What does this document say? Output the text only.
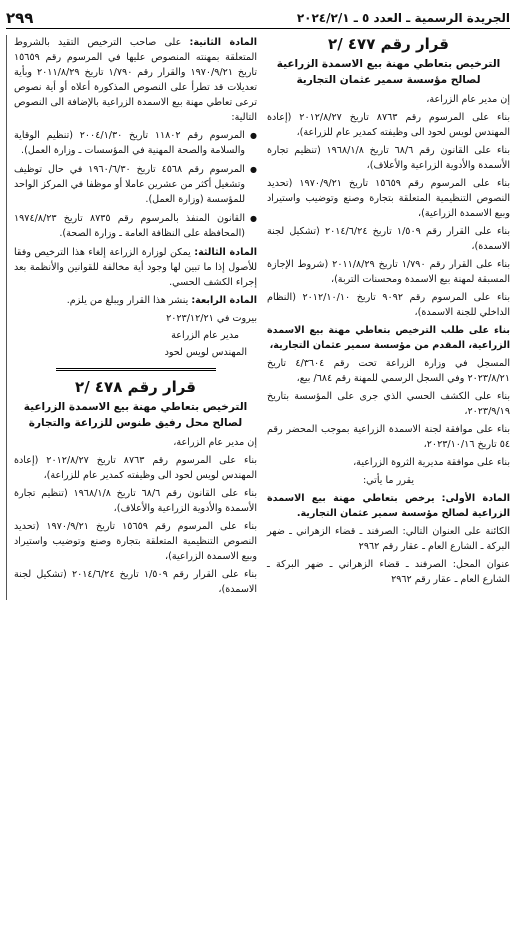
٢٩٩	الجريدة الرسمية ـ العدد ٥ ـ ٢٠٢٤/٢/١
قرار رقم ٤٧٧ /٢
الترخيص بتعاطي مهنة بيع الاسمدة الزراعية لصالح مؤسسة سمير عثمان التجارية

إن مدير عام الزراعة،

بناء على المرسوم رقم ٨٧٦٣ تاريخ ٢٠١٢/٨/٢٧ (إعادة المهندس لويس لحود الى وظيفته كمدير عام للزراعة)،

بناء على القانون رقم ٦٨/٦ تاريخ ١٩٦٨/١/٨ (تنظيم تجارة الأسمدة والأدوية الزراعية والأعلاف)،

بناء على المرسوم رقم ١٥٦٥٩ تاريخ ١٩٧٠/٩/٢١ (تحديد النصوص التنظيمية المتعلقة بتجارة وصنع وتوضيب واستيراد وبيع الاسمدة الزراعية)،

بناء على القرار رقم ١/٥٠٩ تاريخ ٢٠١٤/٦/٢٤ (تشكيل لجنة الاسمدة)،

بناء على القرار رقم ١/٧٩٠ تاريخ ٢٠١١/٨/٢٩ (شروط الإجازة المسبقة لمهنة بيع الاسمدة ومحسنات التربة)،

بناء على المرسوم رقم ٩٠٩٢ تاريخ ٢٠١٢/١٠/١٠ (النظام الداخلي للجنة الاسمدة)،

بناء على طلب الترخيص بتعاطي مهنة بيع الاسمدة الزراعية، المقدم من مؤسسة سمير عثمان التجارية،

المسجل في وزارة الزراعة تحت رقم ٤/٣٦٠٤ تاريخ ٢٠٢٣/٨/٢١ وفي السجل الرسمي للمهنة رقم ٦٨٤/ بيع،

بناء على الكشف الحسي الذي جرى على المؤسسة بتاريخ ٢٠٢٣/٩/١٩،

بناء على موافقة لجنة الاسمدة الزراعية بموجب المحضر رقم ٥٤ تاريخ ٢٠٢٣/١٠/١٦،

بناء على موافقة مديرية الثروة الزراعية،

يقرر ما يأتي:

المادة الأولى: يرخص بتعاطي مهنة بيع الاسمدة الزراعية لصالح مؤسسة سمير عثمان التجارية.

الكائنة على العنوان التالي: الصرفند ـ قضاء الزهراني ـ ضهر البركة ـ الشارع العام ـ عقار رقم ٢٩٦٢

عنوان المحل: الصرفند ـ قضاء الزهراني ـ ضهر البركة ـ الشارع العام ـ عقار رقم ٢٩٦٢

المادة الثانية: على صاحب الترخيص التقيد بالشروط المتعلقة بمهنته المنصوص عليها في المرسوم رقم ١٥٦٥٩ تاريخ ١٩٧٠/٩/٢١ والقرار رقم ١/٧٩٠ تاريخ ٢٠١١/٨/٢٩ وبأية تعديلات قد تطرأ على النصوص المذكورة أعلاه أو أية نصوص ترعى تعاطي مهنة بيع الاسمدة الزراعية بالإضافة الى النصوص التالية:

● المرسوم رقم ١١٨٠٢ تاريخ ٢٠٠٤/١/٣٠ (تنظيم الوقاية والسلامة والصحة المهنية في المؤسسات ـ وزارة العمل).

● المرسوم رقم ٤٥٦٨ تاريخ ١٩٦٠/٦/٣٠ في حال توظيف وتشغيل أكثر من عشرين عاملا أو موظفا في المركز الواحد للمؤسسة (وزارة العمل).

● القانون المنفذ بالمرسوم رقم ٨٧٣٥ تاريخ ١٩٧٤/٨/٢٣ (المحافظة على النظافة العامة ـ وزارة الصحة).

المادة الثالثة: يمكن لوزارة الزراعة إلغاء هذا الترخيص وفقا للأصول إذا ما تبين لها وجود أية مخالفة للقوانين والأنظمة بعد إجراء الكشف الحسي.

المادة الرابعة: ينشر هذا القرار ويبلغ من يلزم.

بيروت في ٢٠٢٣/١٢/٢١

مدير عام الزراعة

المهندس لويس لحود

قرار رقم ٤٧٨ /٢
الترخيص بتعاطي مهنة بيع الاسمدة الزراعية لصالح محل رفيق طنوس للزراعة والتجارة

إن مدير عام الزراعة،

بناء على المرسوم رقم ٨٧٦٣ تاريخ ٢٠١٢/٨/٢٧ (إعادة المهندس لويس لحود الى وظيفته كمدير عام للزراعة)،

بناء على القانون رقم ٦٨/٦ تاريخ ١٩٦٨/١/٨ (تنظيم تجارة الأسمدة والأدوية الزراعية والأعلاف)،

بناء على المرسوم رقم ١٥٦٥٩ تاريخ ١٩٧٠/٩/٢١ (تحديد النصوص التنظيمية المتعلقة بتجارة وصنع وتوضيب واستيراد وبيع الاسمدة الزراعية)،

بناء على القرار رقم ١/٥٠٩ تاريخ ٢٠١٤/٦/٢٤ (تشكيل لجنة الاسمدة)،
